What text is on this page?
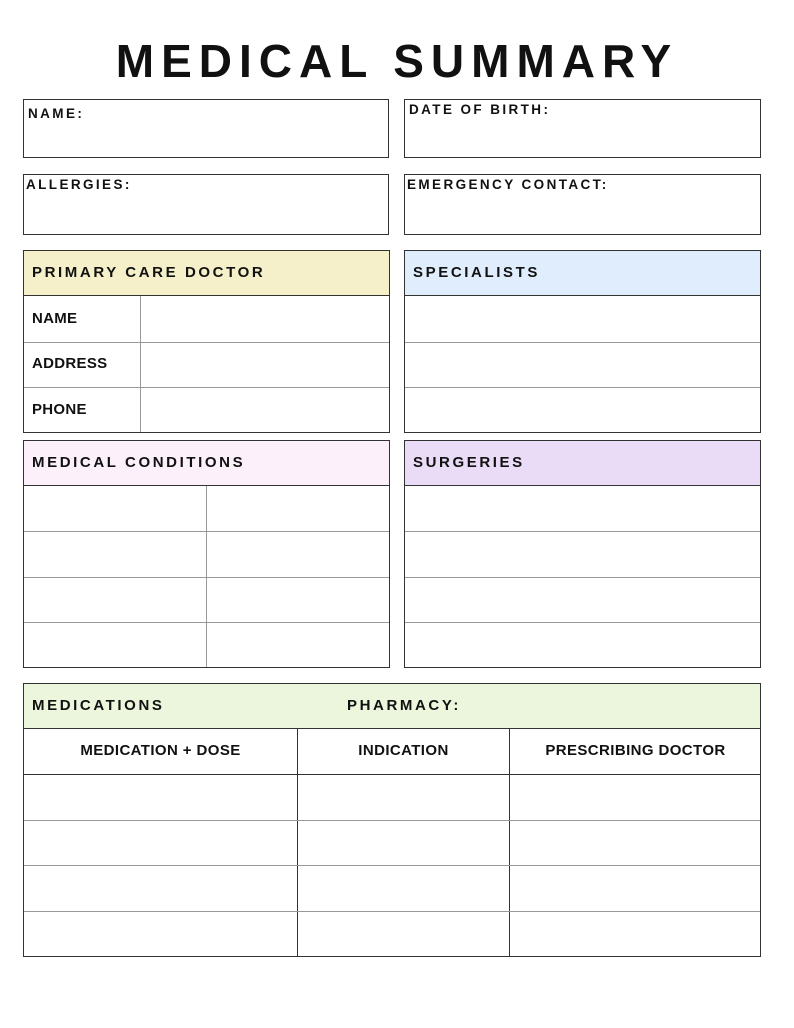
MEDICAL SUMMARY
NAME:	DATE OF BIRTH:
ALLERGIES:	EMERGENCY CONTACT:
PRIMARY CARE DOCTOR
NAME
ADDRESS
PHONE
SPECIALISTS
MEDICAL CONDITIONS	SURGERIES
MEDICATIONS	PHARMACY:
MEDICATION + DOSE	INDICATION	PRESCRIBING DOCTOR
